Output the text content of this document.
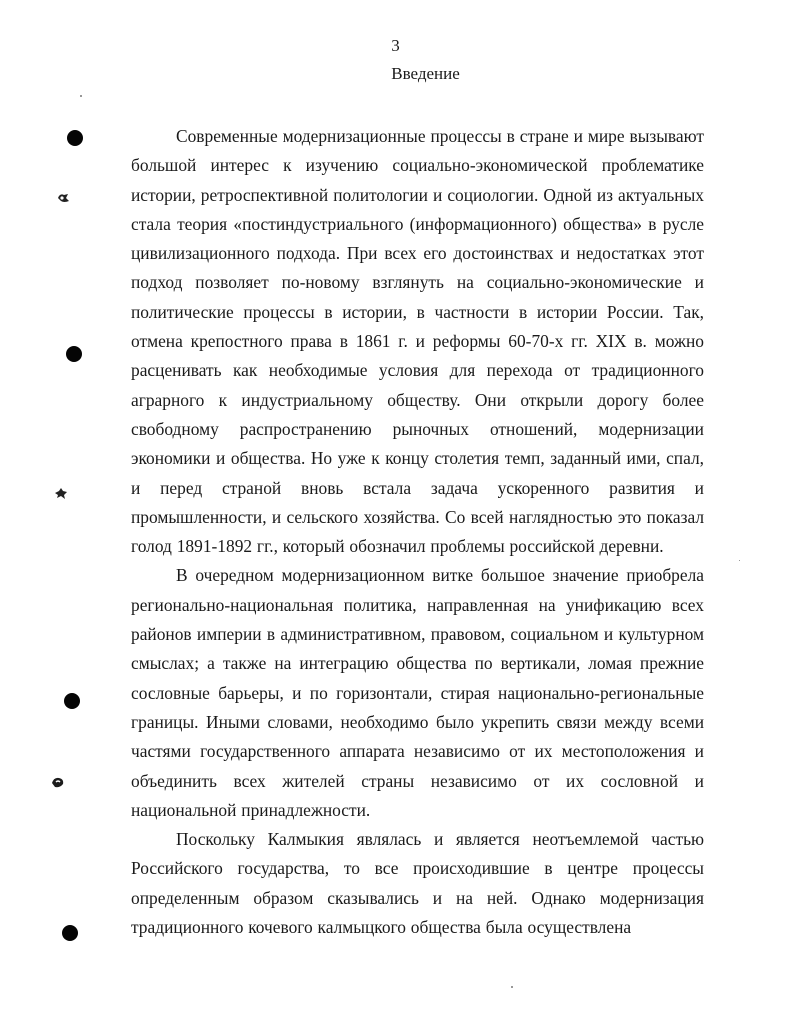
3
Введение

Современные модернизационные процессы в стране и мире вызывают большой интерес к изучению социально-экономической проблематике истории, ретроспективной политологии и социологии. Одной из актуальных стала теория «постиндустриального (информационного) общества» в русле цивилизационного подхода. При всех его достоинствах и недостатках этот подход позволяет по-новому взглянуть на социально-экономические и политические процессы в истории, в частности в истории России. Так, отмена крепостного права в 1861 г. и реформы 60-70-х гг. XIX в. можно расценивать как необходимые условия для перехода от традиционного аграрного к индустриальному обществу. Они открыли дорогу более свободному распространению рыночных отношений, модернизации экономики и общества. Но уже к концу столетия темп, заданный ими, спал, и перед страной вновь встала задача ускоренного развития и промышленности, и сельского хозяйства. Со всей наглядностью это показал голод 1891-1892 гг., который обозначил проблемы российской деревни.

В очередном модернизационном витке большое значение приобрела регионально-национальная политика, направленная на унификацию всех районов империи в административном, правовом, социальном и культурном смыслах; а также на интеграцию общества по вертикали, ломая прежние сословные барьеры, и по горизонтали, стирая национально-региональные границы. Иными словами, необходимо было укрепить связи между всеми частями государственного аппарата независимо от их местоположения и объединить всех жителей страны независимо от их сословной и национальной принадлежности.

Поскольку Калмыкия являлась и является неотъемлемой частью Российского государства, то все происходившие в центре процессы определенным образом сказывались и на ней. Однако модернизация традиционного кочевого калмыцкого общества была осуществлена
